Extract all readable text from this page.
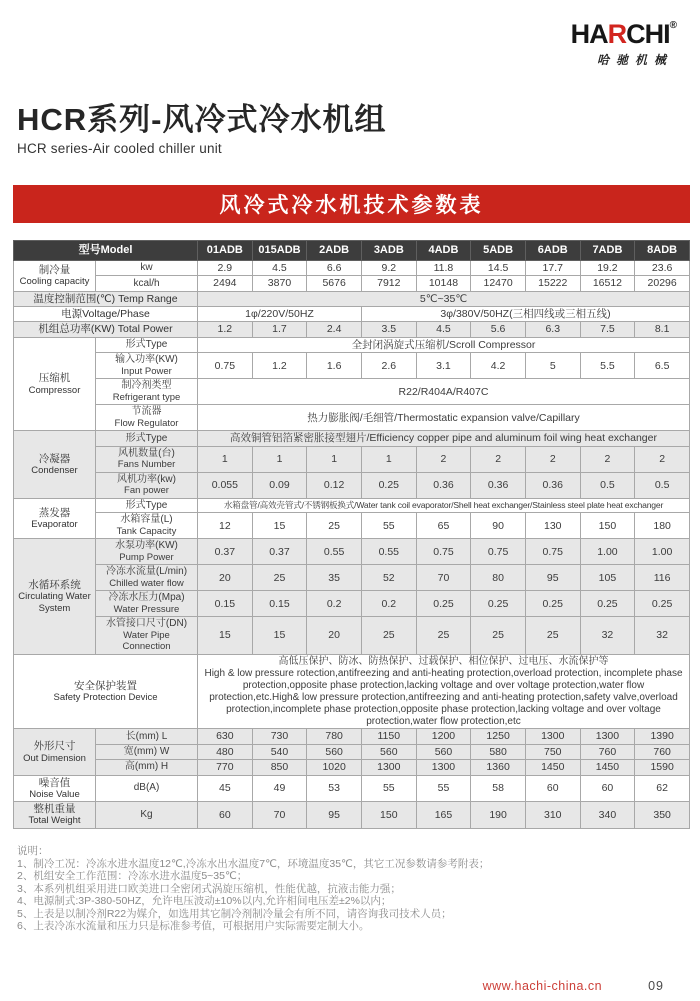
HARCHI®
哈驰机械
HCR系列-风冷式冷水机组
HCR series-Air cooled chiller unit
风冷式冷水机技术参数表
型号Model		01ADB	015ADB	2ADB	3ADB	4ADB	5ADB	6ADB	7ADB	8ADB

制冷量
Cooling capacity	kw	2.9	4.5	6.6	9.2	11.8	14.5	17.7	19.2	23.6

	kcal/h	2494	3870	5676	7912	10148	12470	15222	16512	20296

温度控制范围(℃) Temp Range		5℃~35℃								

电源Voltage/Phase		1φ/220V/50HZ			3φ/380V/50HZ(三相四线或三相五线)					

机组总功率(KW) Total Power		1.2	1.7	2.4	3.5	4.5	5.6	6.3	7.5	8.1

压缩机
Compressor	形式Type	全封闭涡旋式压缩机/Scroll Compressor								

	输入功率(KW)
Input Power	0.75	1.2	1.6	2.6	3.1	4.2	5	5.5	6.5

	制冷剂类型
Refrigerant type	R22/R404A/R407C								

	节流器
Flow Regulator	热力膨胀阀/毛细管/Thermostatic expansion valve/Capillary								

冷凝器
Condenser	形式Type	高效铜管铝箔紧密胀接型翅片/Efficiency copper pipe and aluminum foil wing heat exchanger								

	风机数量(台)
Fans Number	1	1	1	1	2	2	2	2	2

	风机功率(kw)
Fan power	0.055	0.09	0.12	0.25	0.36	0.36	0.36	0.5	0.5

蒸发器
Evaporator	形式Type	水箱盘管/高效壳管式/不锈钢板换式/Water tank coil evaporator/Shell heat exchanger/Stainless steel plate heat exchanger								

	水箱容量(L)
Tank Capacity	12	15	25	55	65	90	130	150	180

水循环系统
Circulating Water System

水泵功率(KW)
Pump Power	0.37	0.37	0.55	0.55	0.75	0.75	0.75	1.00	1.00

	冷冻水流量(L/min)
Chilled water flow	20	25	35	52	70	80	95	105	116

	冷冻水压力(Mpa)
Water Pressure	0.15	0.15	0.2	0.2	0.25	0.25	0.25	0.25	0.25

	水管接口尺寸(DN)
Water Pipe Connection	15	15	20	25	25	25	25	32	32

安全保护装置
Safety Protection Device

高低压保护、防冰、防热保护、过载保护、相位保护、过电压、水流保护等
High & low pressure rotection,antifreezing and anti-heating protection,overload protection, incomplete phase protection,opposite phase protection,lacking voltage and over voltage protection,water flow protection,etc.High& low pressure protection,antifreezing and anti-heating protection,safety valve,overload protection,incomplete phase protection,opposite phase protection,lacking voltage and over voltage protection,water flow protection,etc

外形尺寸
Out Dimension	长(mm) L	630	730	780	1150	1200	1250	1300	1300	1390

	宽(mm) W	480	540	560	560	560	580	750	760	760

	高(mm) H	770	850	1020	1300	1300	1360	1450	1450	1590

噪音值
Noise Value	dB(A)	45	49	53	55	55	58	60	60	62

整机重量
Total Weight	Kg	60	70	95	150	165	190	310	340	350
说明：
1、制冷工况：冷冻水进水温度12℃,冷冻水出水温度7℃，环境温度35℃，其它工况参数请参考附表；
2、机组安全工作范围：冷冻水进水温度5~35℃；
3、本系列机组采用进口欧美进口全密闭式涡旋压缩机，性能优越，抗液击能力强；
4、电源制式:3P-380-50HZ，允许电压波动±10%以内,允许相间电压差±2%以内；
5、上表是以制冷剂R22为媒介，如选用其它制冷剂制冷量会有所不同，请咨询我司技术人员；
6、上表冷冻水流量和压力只是标准参考值，可根据用户实际需要定制大小。
www.hachi-china.cn	09
